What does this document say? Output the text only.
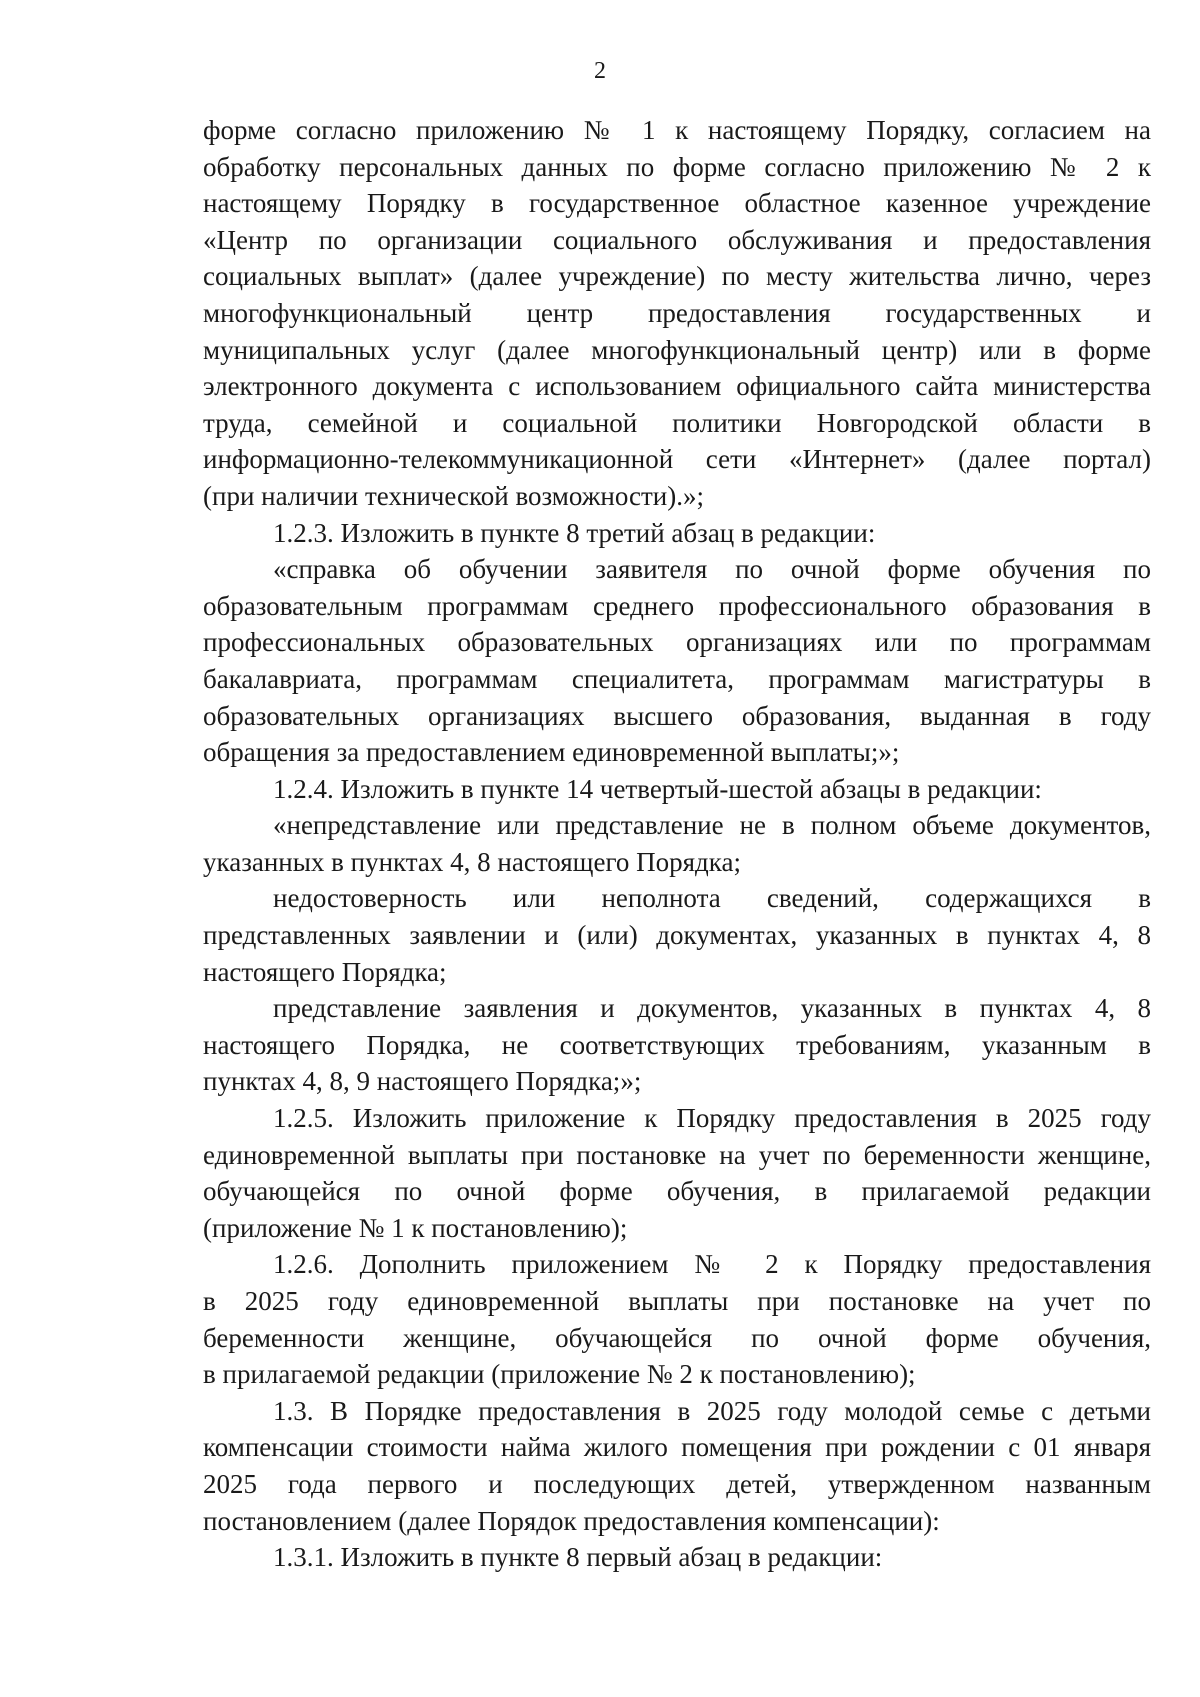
2
форме согласно приложению № 1 к настоящему Порядку, согласием на
обработку персональных данных по форме согласно приложению № 2 к
настоящему Порядку в государственное областное казенное учреждение
«Центр по организации социального обслуживания и предоставления
социальных выплат» (далее учреждение) по месту жительства лично, через
многофункциональный центр предоставления государственных и
муниципальных услуг (далее многофункциональный центр) или в форме
электронного документа с использованием официального сайта министерства
труда, семейной и социальной политики Новгородской области в
информационно-телекоммуникационной сети «Интернет» (далее портал)
(при наличии технической возможности).»;
1.2.3. Изложить в пункте 8 третий абзац в редакции:
«справка об обучении заявителя по очной форме обучения по
образовательным программам среднего профессионального образования в
профессиональных образовательных организациях или по программам
бакалавриата, программам специалитета, программам магистратуры в
образовательных организациях высшего образования, выданная в году
обращения за предоставлением единовременной выплаты;»;
1.2.4. Изложить в пункте 14 четвертый-шестой абзацы в редакции:
«непредставление или представление не в полном объеме документов,
указанных в пунктах 4, 8 настоящего Порядка;
недостоверность или неполнота сведений, содержащихся в
представленных заявлении и (или) документах, указанных в пунктах 4, 8
настоящего Порядка;
представление заявления и документов, указанных в пунктах 4, 8
настоящего Порядка, не соответствующих требованиям, указанным в
пунктах 4, 8, 9 настоящего Порядка;»;
1.2.5. Изложить приложение к Порядку предоставления в 2025 году
единовременной выплаты при постановке на учет по беременности женщине,
обучающейся по очной форме обучения, в прилагаемой редакции
(приложение № 1 к постановлению);
1.2.6. Дополнить приложением № 2 к Порядку предоставления
в 2025 году единовременной выплаты при постановке на учет по
беременности женщине, обучающейся по очной форме обучения,
в прилагаемой редакции (приложение № 2 к постановлению);
1.3. В Порядке предоставления в 2025 году молодой семье с детьми
компенсации стоимости найма жилого помещения при рождении с 01 января
2025 года первого и последующих детей, утвержденном названным
постановлением (далее Порядок предоставления компенсации):
1.3.1. Изложить в пункте 8 первый абзац в редакции:
